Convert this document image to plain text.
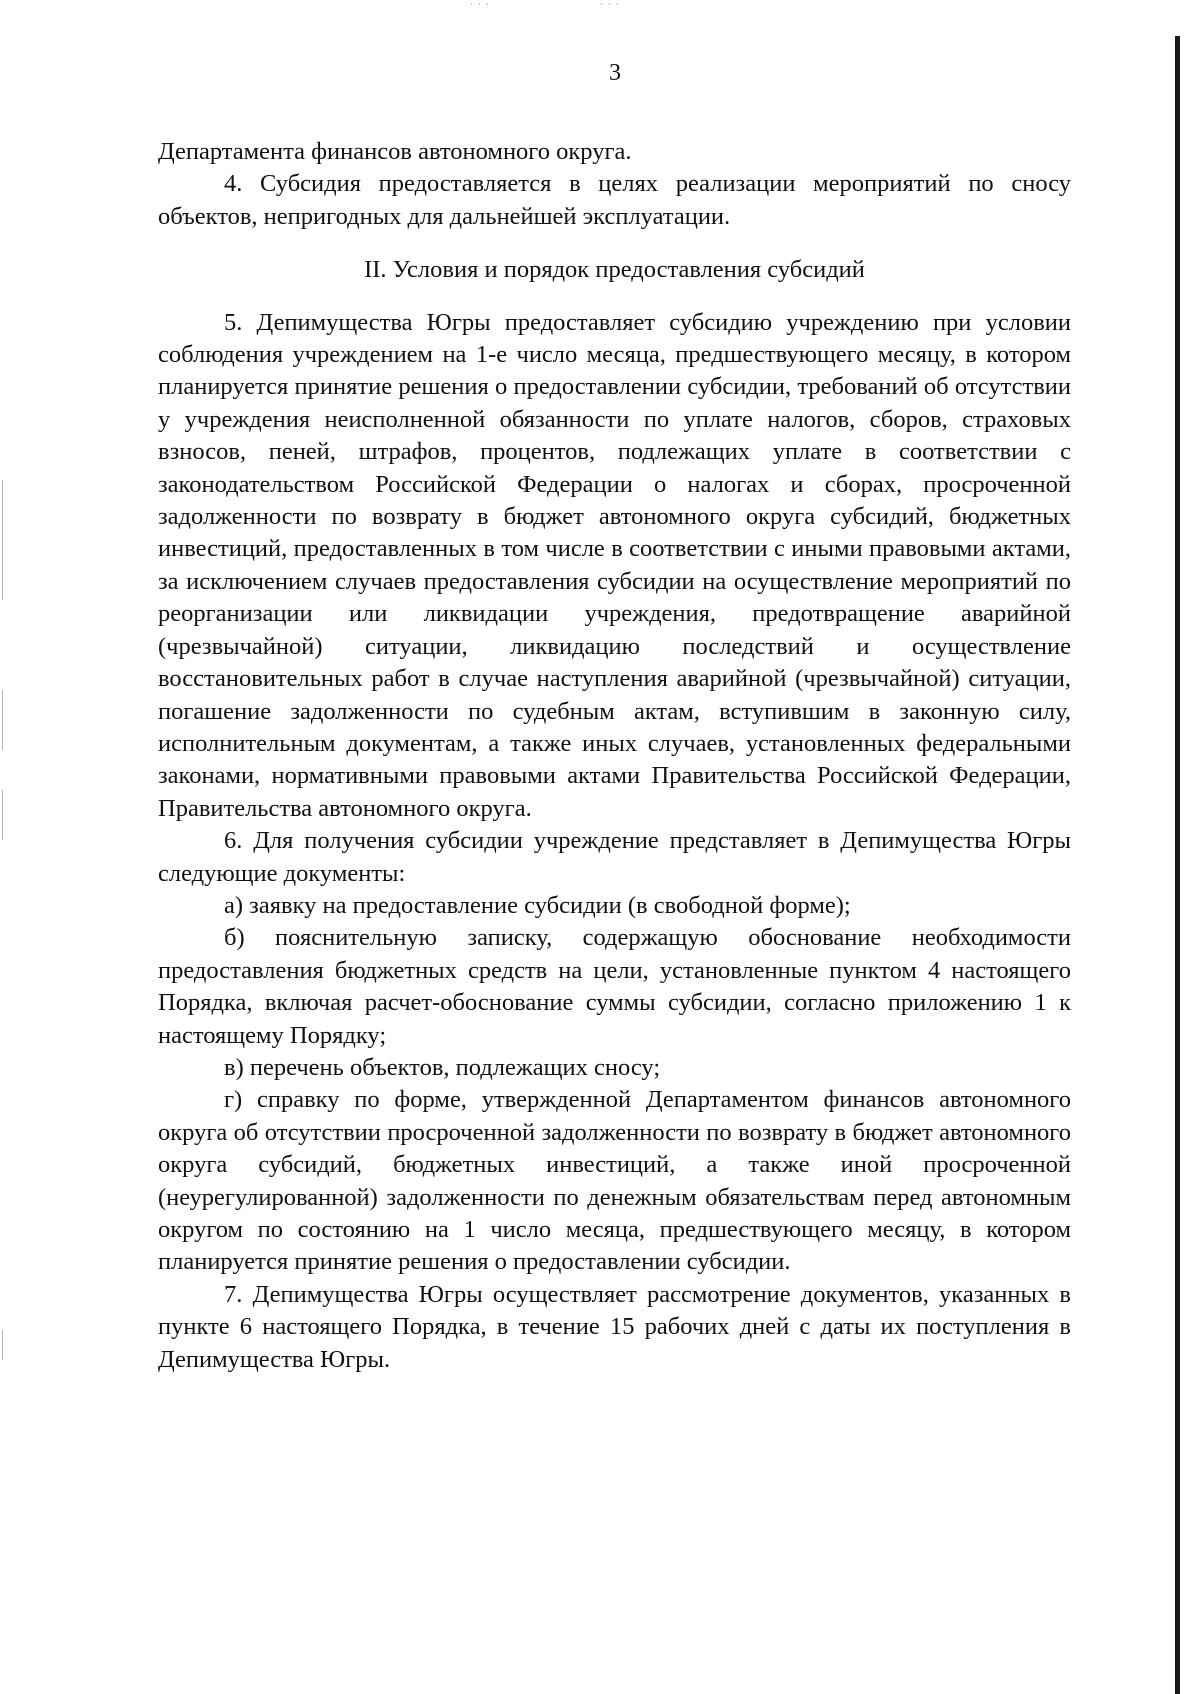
· · ·	· · ·
3

Департамента финансов автономного округа.

4. Субсидия предоставляется в целях реализации мероприятий по сносу объектов, непригодных для дальнейшей эксплуатации.

II. Условия и порядок предоставления субсидий

5. Депимущества Югры предоставляет субсидию учреждению при условии соблюдения учреждением на 1-е число месяца, предшествующего месяцу, в котором планируется принятие решения о предоставлении субсидии, требований об отсутствии у учреждения неисполненной обязанности по уплате налогов, сборов, страховых взносов, пеней, штрафов, процентов, подлежащих уплате в соответствии с законодательством Российской Федерации о налогах и сборах, просроченной задолженности по возврату в бюджет автономного округа субсидий, бюджетных инвестиций, предоставленных в том числе в соответствии с иными правовыми актами, за исключением случаев предоставления субсидии на осуществление мероприятий по реорганизации или ликвидации учреждения, предотвращение аварийной (чрезвычайной) ситуации, ликвидацию последствий и осуществление восстановительных работ в случае наступления аварийной (чрезвычайной) ситуации, погашение задолженности по судебным актам, вступившим в законную силу, исполнительным документам, а также иных случаев, установленных федеральными законами, нормативными правовыми актами Правительства Российской Федерации, Правительства автономного округа.

6. Для получения субсидии учреждение представляет в Депимущества Югры следующие документы:

а) заявку на предоставление субсидии (в свободной форме);

б) пояснительную записку, содержащую обоснование необходимости предоставления бюджетных средств на цели, установленные пунктом 4 настоящего Порядка, включая расчет-обоснование суммы субсидии, согласно приложению 1 к настоящему Порядку;

в) перечень объектов, подлежащих сносу;

г) справку по форме, утвержденной Департаментом финансов автономного округа об отсутствии просроченной задолженности по возврату в бюджет автономного округа субсидий, бюджетных инвестиций, а также иной просроченной (неурегулированной) задолженности по денежным обязательствам перед автономным округом по состоянию на 1 число месяца, предшествующего месяцу, в котором планируется принятие решения о предоставлении субсидии.

7. Депимущества Югры осуществляет рассмотрение документов, указанных в пункте 6 настоящего Порядка, в течение 15 рабочих дней с даты их поступления в Депимущества Югры.
